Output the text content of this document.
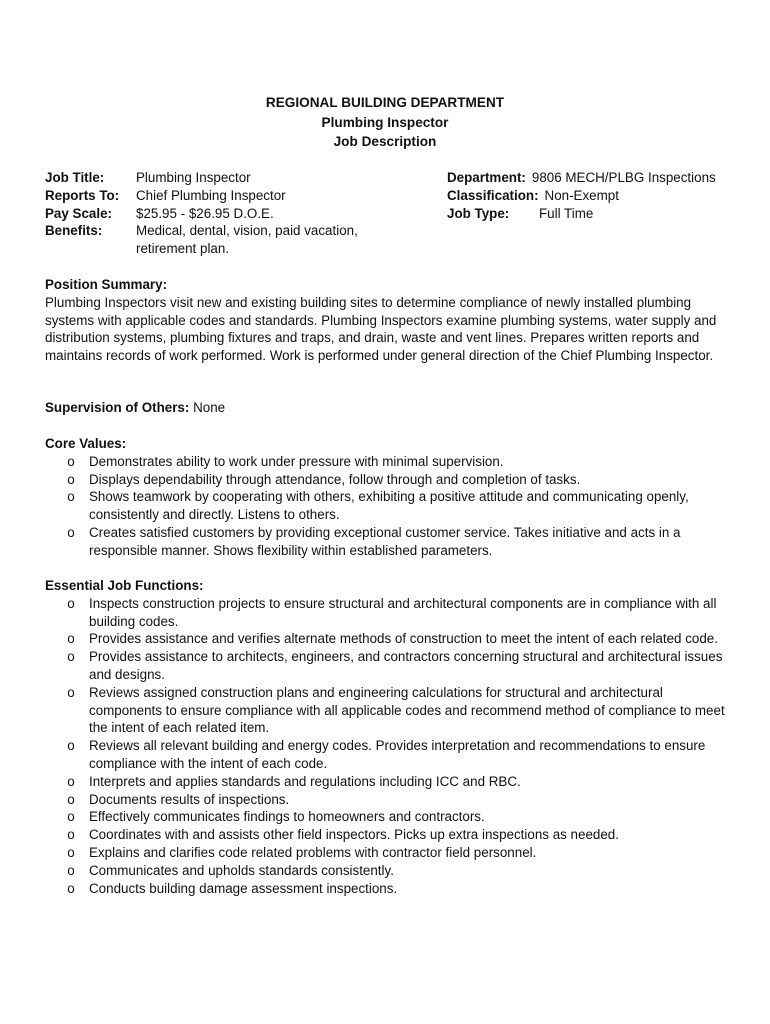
REGIONAL BUILDING DEPARTMENT
Plumbing Inspector
Job Description
Job Title:	Plumbing Inspector
Reports To:	Chief Plumbing Inspector
Pay Scale:	$25.95 - $26.95 D.O.E.
Benefits:	Medical, dental, vision, paid vacation, retirement plan.
Department: 9806 MECH/PLBG Inspections
Classification: Non-Exempt
Job Type:	Full Time
Position Summary:

Plumbing Inspectors visit new and existing building sites to determine compliance of newly installed plumbing systems with applicable codes and standards. Plumbing Inspectors examine plumbing systems, water supply and distribution systems, plumbing fixtures and traps, and drain, waste and vent lines. Prepares written reports and maintains records of work performed. Work is performed under general direction of the Chief Plumbing Inspector.

Supervision of Others: None
Core Values:
o Demonstrates ability to work under pressure with minimal supervision.
o Displays dependability through attendance, follow through and completion of tasks.
o Shows teamwork by cooperating with others, exhibiting a positive attitude and communicating openly, consistently and directly. Listens to others.
o Creates satisfied customers by providing exceptional customer service. Takes initiative and acts in a responsible manner. Shows flexibility within established parameters.
Essential Job Functions:
o Inspects construction projects to ensure structural and architectural components are in compliance with all building codes.
o Provides assistance and verifies alternate methods of construction to meet the intent of each related code.
o Provides assistance to architects, engineers, and contractors concerning structural and architectural issues and designs.
o Reviews assigned construction plans and engineering calculations for structural and architectural components to ensure compliance with all applicable codes and recommend method of compliance to meet the intent of each related item.
o Reviews all relevant building and energy codes. Provides interpretation and recommendations to ensure compliance with the intent of each code.
o Interprets and applies standards and regulations including ICC and RBC.
o Documents results of inspections.
o Effectively communicates findings to homeowners and contractors.
o Coordinates with and assists other field inspectors. Picks up extra inspections as needed.
o Explains and clarifies code related problems with contractor field personnel.
o Communicates and upholds standards consistently.
o Conducts building damage assessment inspections.
